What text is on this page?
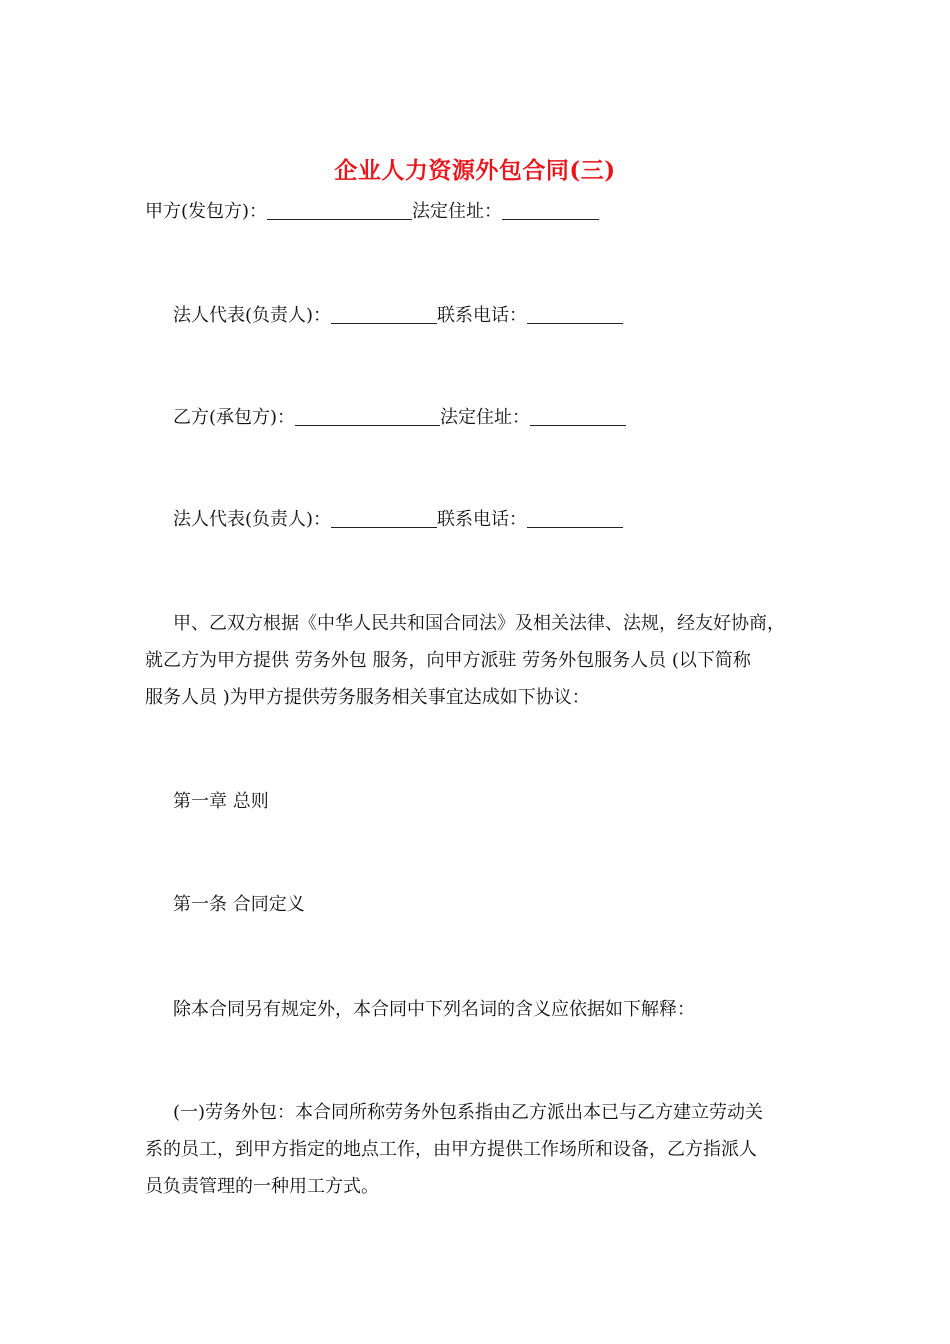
企业人力资源外包合同(三)
甲方(发包方)：	法定住址：
法人代表(负责人)：	联系电话：
乙方(承包方)：	法定住址：
法人代表(负责人)：	联系电话：
甲、乙双方根据《中华人民共和国合同法》及相关法律、法规，经友好协商，
就乙方为甲方提供 劳务外包 服务，向甲方派驻 劳务外包服务人员 (以下简称
服务人员 )为甲方提供劳务服务相关事宜达成如下协议：
第一章 总则
第一条 合同定义
除本合同另有规定外，本合同中下列名词的含义应依据如下解释：
(一)劳务外包：本合同所称劳务外包系指由乙方派出本已与乙方建立劳动关
系的员工，到甲方指定的地点工作，由甲方提供工作场所和设备，乙方指派人
员负责管理的一种用工方式。
